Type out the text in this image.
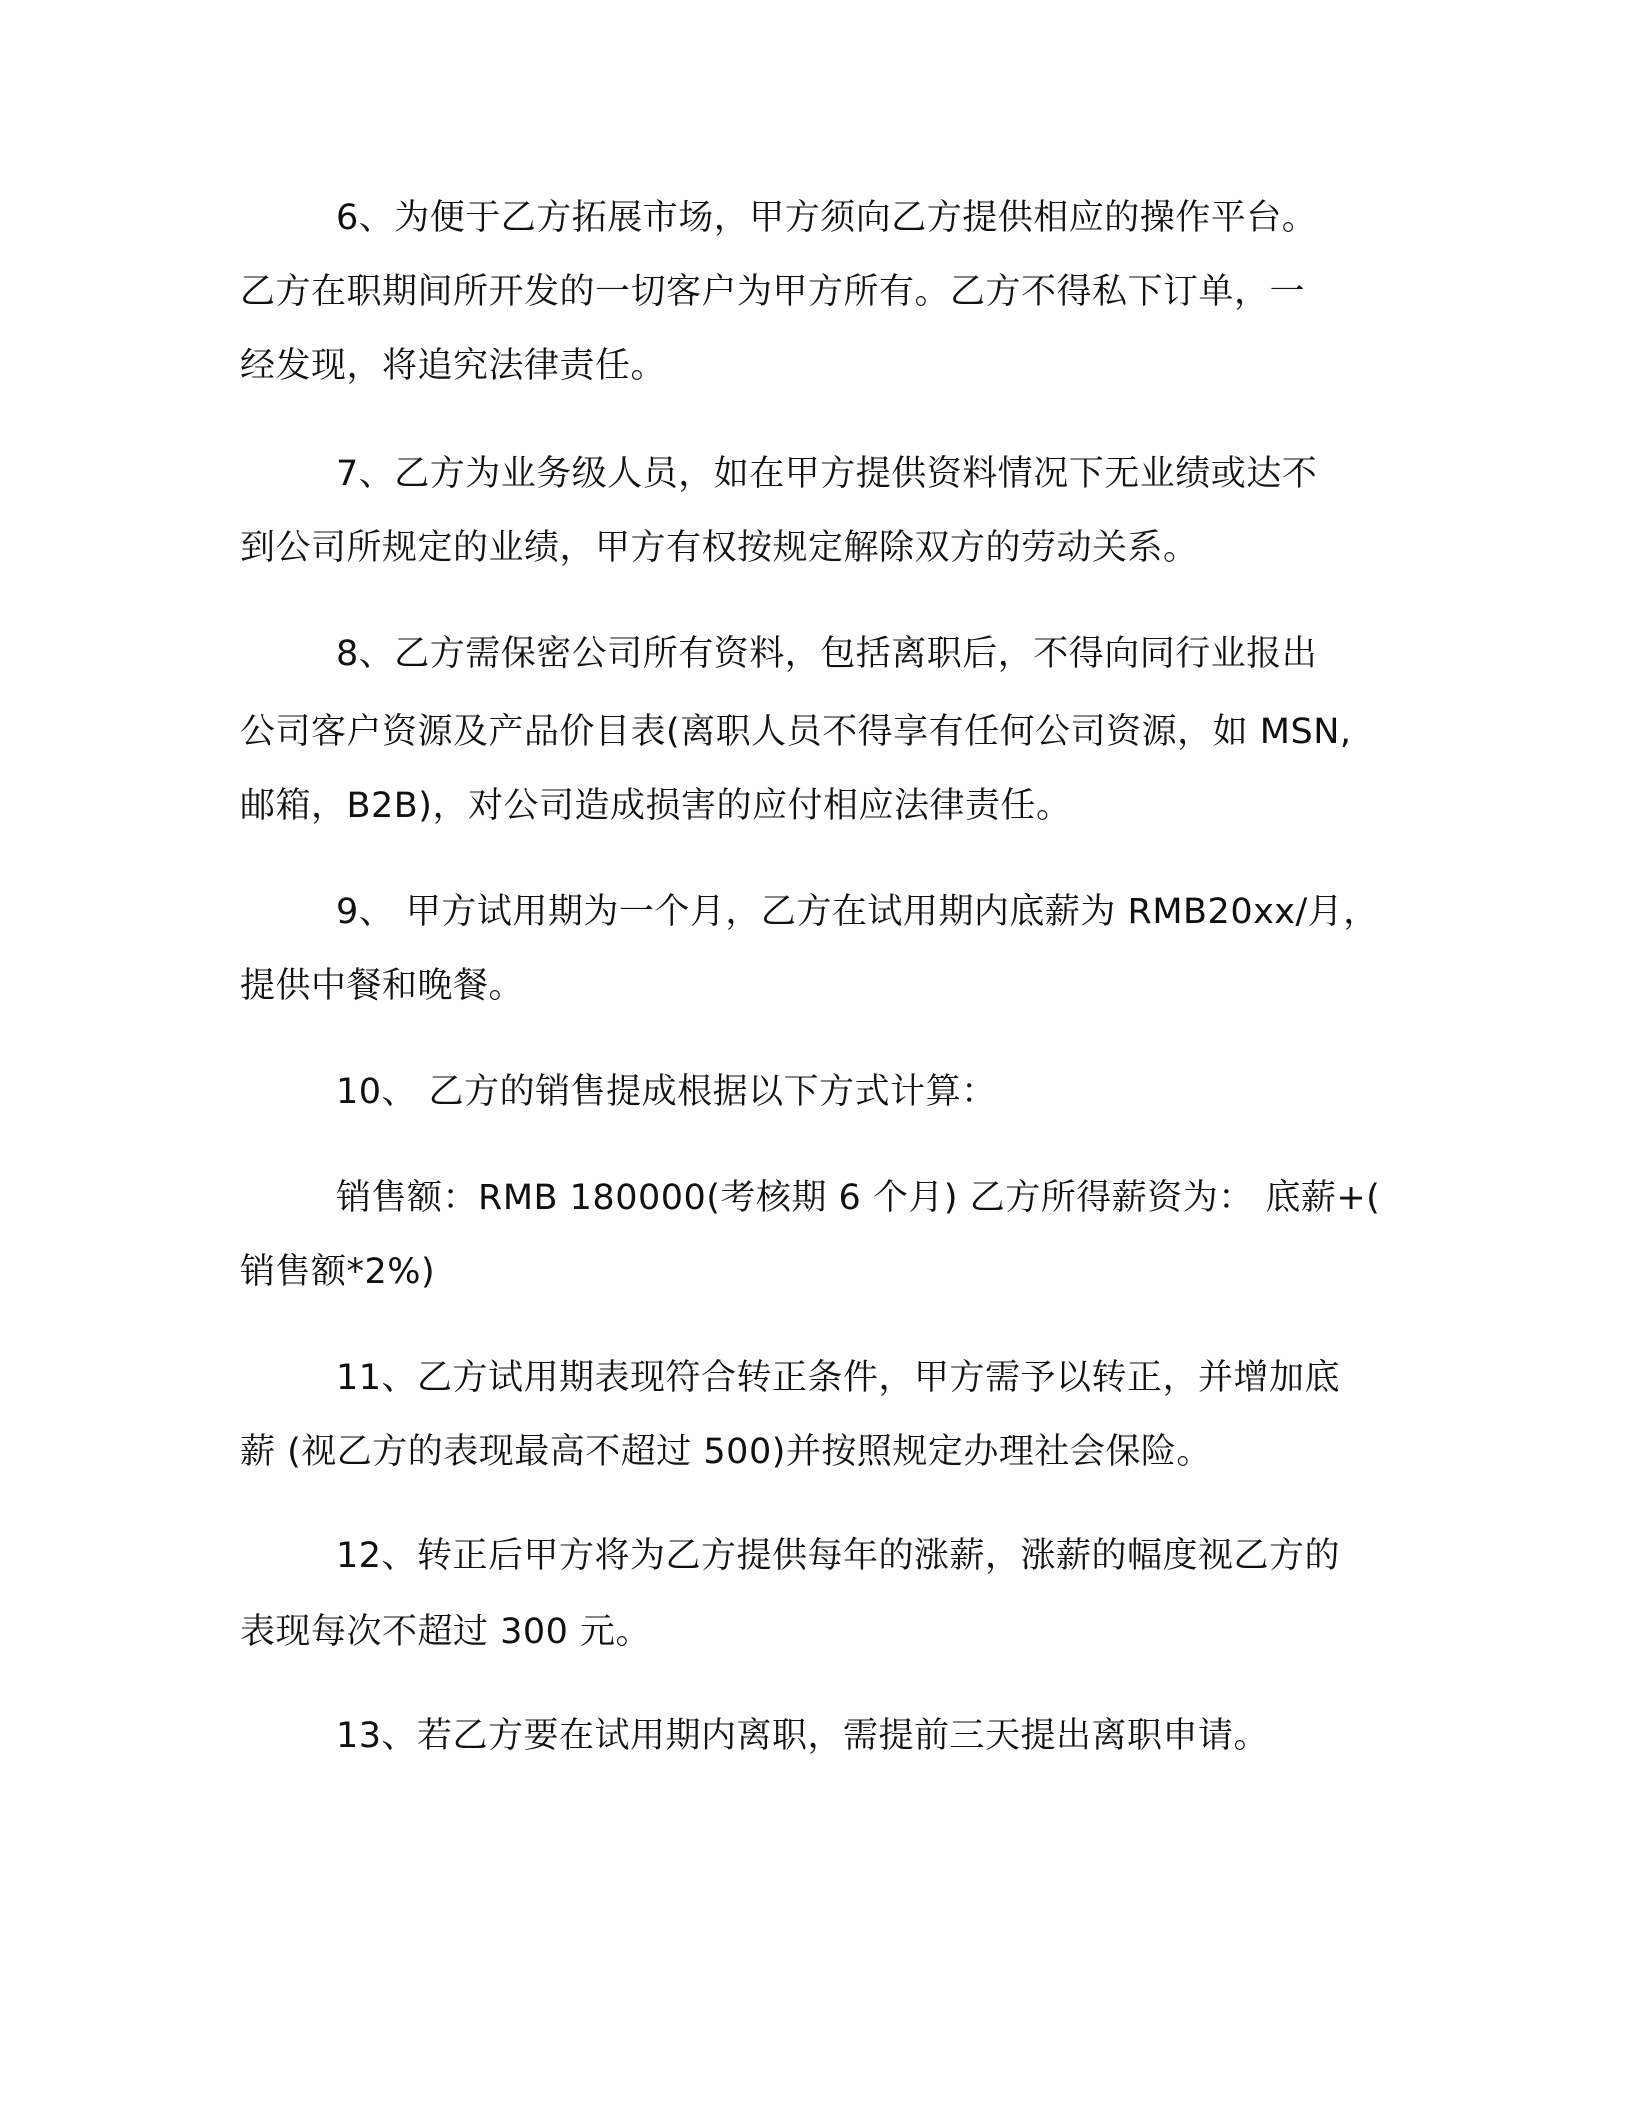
6、为便于乙方拓展市场，甲方须向乙方提供相应的操作平台。
乙方在职期间所开发的一切客户为甲方所有。乙方不得私下订单，一
经发现，将追究法律责任。
7、乙方为业务级人员，如在甲方提供资料情况下无业绩或达不
到公司所规定的业绩，甲方有权按规定解除双方的劳动关系。
8、乙方需保密公司所有资料，包括离职后，不得向同行业报出
公司客户资源及产品价目表(离职人员不得享有任何公司资源，如 MSN,
邮箱，B2B)，对公司造成损害的应付相应法律责任。
9、 甲方试用期为一个月，乙方在试用期内底薪为 RMB20xx/月，
提供中餐和晚餐。
10、 乙方的销售提成根据以下方式计算：
销售额：RMB 180000(考核期 6 个月) 乙方所得薪资为： 底薪+(
销售额*2%)
11、乙方试用期表现符合转正条件，甲方需予以转正，并增加底
薪 (视乙方的表现最高不超过 500)并按照规定办理社会保险。
12、转正后甲方将为乙方提供每年的涨薪，涨薪的幅度视乙方的
表现每次不超过 300 元。
13、若乙方要在试用期内离职，需提前三天提出离职申请。
